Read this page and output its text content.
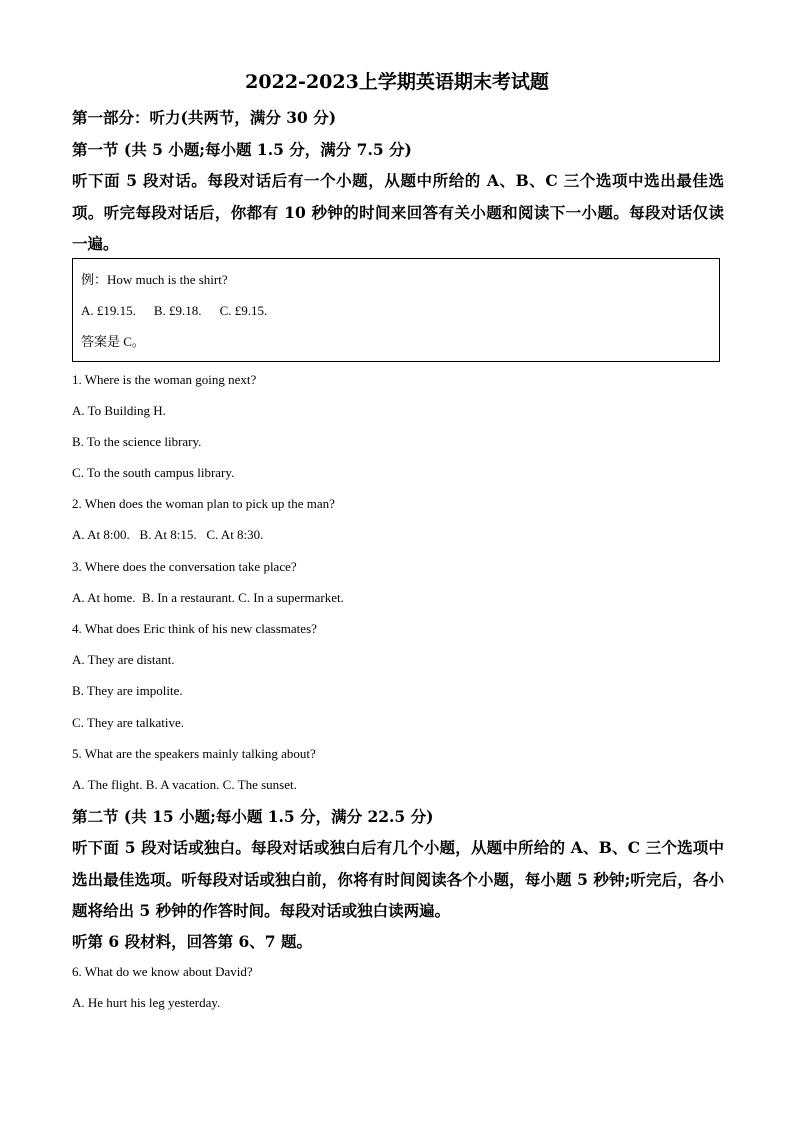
2022-2023上学期英语期末考试题
第一部分：听力(共两节，满分 30 分)
第一节 (共 5 小题;每小题 1.5 分，满分 7.5 分)
听下面 5 段对话。每段对话后有一个小题，从题中所给的 A、B、C 三个选项中选出最佳选项。听完每段对话后，你都有 10 秒钟的时间来回答有关小题和阅读下一小题。每段对话仅读一遍。
例：How much is the shirt?
A. £19.15. B. £9.18. C. £9.15.
答案是 C。
1. Where is the woman going next?
A. To Building H.
B. To the science library.
C. To the south campus library.
2. When does the woman plan to pick up the man?
A. At 8:00.   B. At 8:15.   C. At 8:30.
3. Where does the conversation take place?
A. At home.  B. In a restaurant. C. In a supermarket.
4. What does Eric think of his new classmates?
A. They are distant.
B. They are impolite.
C. They are talkative.
5. What are the speakers mainly talking about?
A. The flight. B. A vacation. C. The sunset.
第二节 (共 15 小题;每小题 1.5 分，满分 22.5 分)
听下面 5 段对话或独白。每段对话或独白后有几个小题，从题中所给的 A、B、C 三个选项中选出最佳选项。听每段对话或独白前，你将有时间阅读各个小题，每小题 5 秒钟;听完后，各小题将给出 5 秒钟的作答时间。每段对话或独白读两遍。
听第 6 段材料，回答第 6、7 题。
6. What do we know about David?
A. He hurt his leg yesterday.
